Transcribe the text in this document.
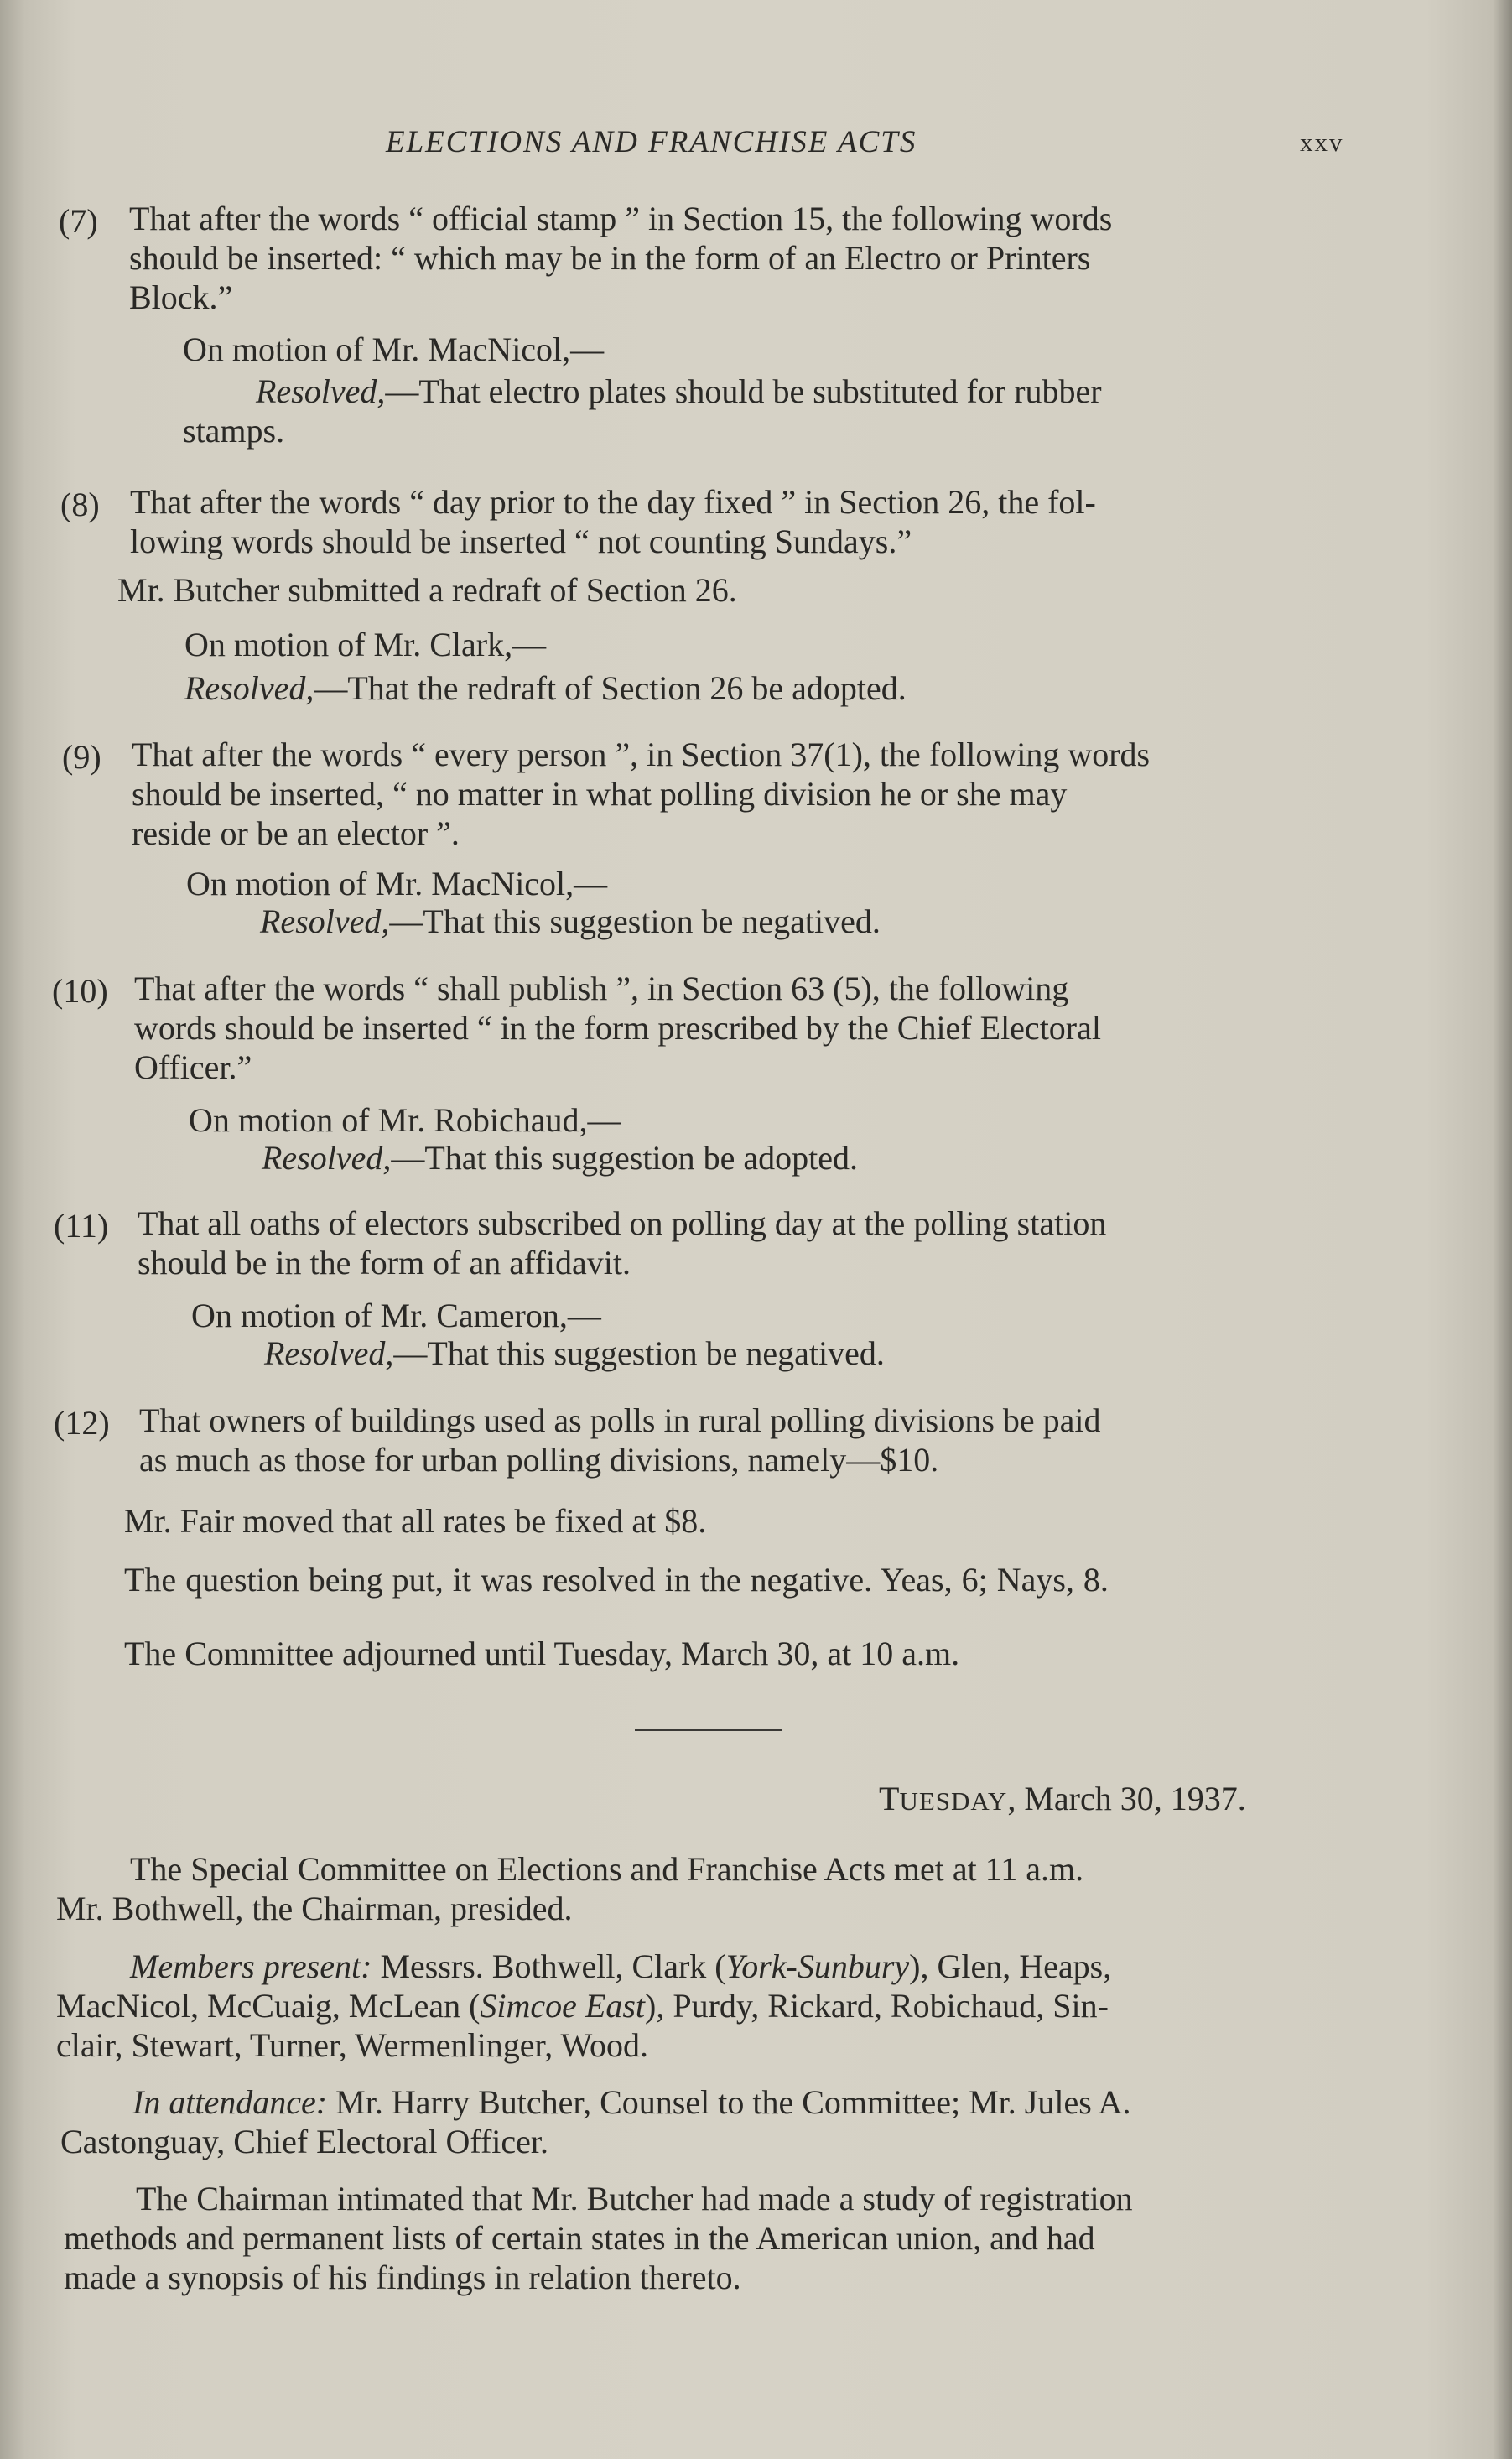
ELECTIONS AND FRANCHISE ACTS	xxv
(7) That after the words “ official stamp ” in Section 15, the following words
should be inserted: “ which may be in the form of an Electro or Printers
Block.”
On motion of Mr. MacNicol,—
Resolved,—That electro plates should be substituted for rubber
stamps.
(8) That after the words “ day prior to the day fixed ” in Section 26, the fol-
lowing words should be inserted “ not counting Sundays.”
Mr. Butcher submitted a redraft of Section 26.
On motion of Mr. Clark,—
Resolved,—That the redraft of Section 26 be adopted.
(9) That after the words “ every person ”, in Section 37(1), the following words
should be inserted, “ no matter in what polling division he or she may
reside or be an elector ”.
On motion of Mr. MacNicol,—
Resolved,—That this suggestion be negatived.
(10) That after the words “ shall publish ”, in Section 63 (5), the following
words should be inserted “ in the form prescribed by the Chief Electoral
Officer.”
On motion of Mr. Robichaud,—
Resolved,—That this suggestion be adopted.
(11) That all oaths of electors subscribed on polling day at the polling station
should be in the form of an affidavit.
On motion of Mr. Cameron,—
Resolved,—That this suggestion be negatived.
(12) That owners of buildings used as polls in rural polling divisions be paid
as much as those for urban polling divisions, namely—$10.
Mr. Fair moved that all rates be fixed at $8.
The question being put, it was resolved in the negative. Yeas, 6; Nays, 8.
The Committee adjourned until Tuesday, March 30, at 10 a.m.
TUESDAY, March 30, 1937.
The Special Committee on Elections and Franchise Acts met at 11 a.m.
Mr. Bothwell, the Chairman, presided.
Members present: Messrs. Bothwell, Clark (York-Sunbury), Glen, Heaps,
MacNicol, McCuaig, McLean (Simcoe East), Purdy, Rickard, Robichaud, Sin-
clair, Stewart, Turner, Wermenlinger, Wood.
In attendance: Mr. Harry Butcher, Counsel to the Committee; Mr. Jules A.
Castonguay, Chief Electoral Officer.
The Chairman intimated that Mr. Butcher had made a study of registration
methods and permanent lists of certain states in the American union, and had
made a synopsis of his findings in relation thereto.
